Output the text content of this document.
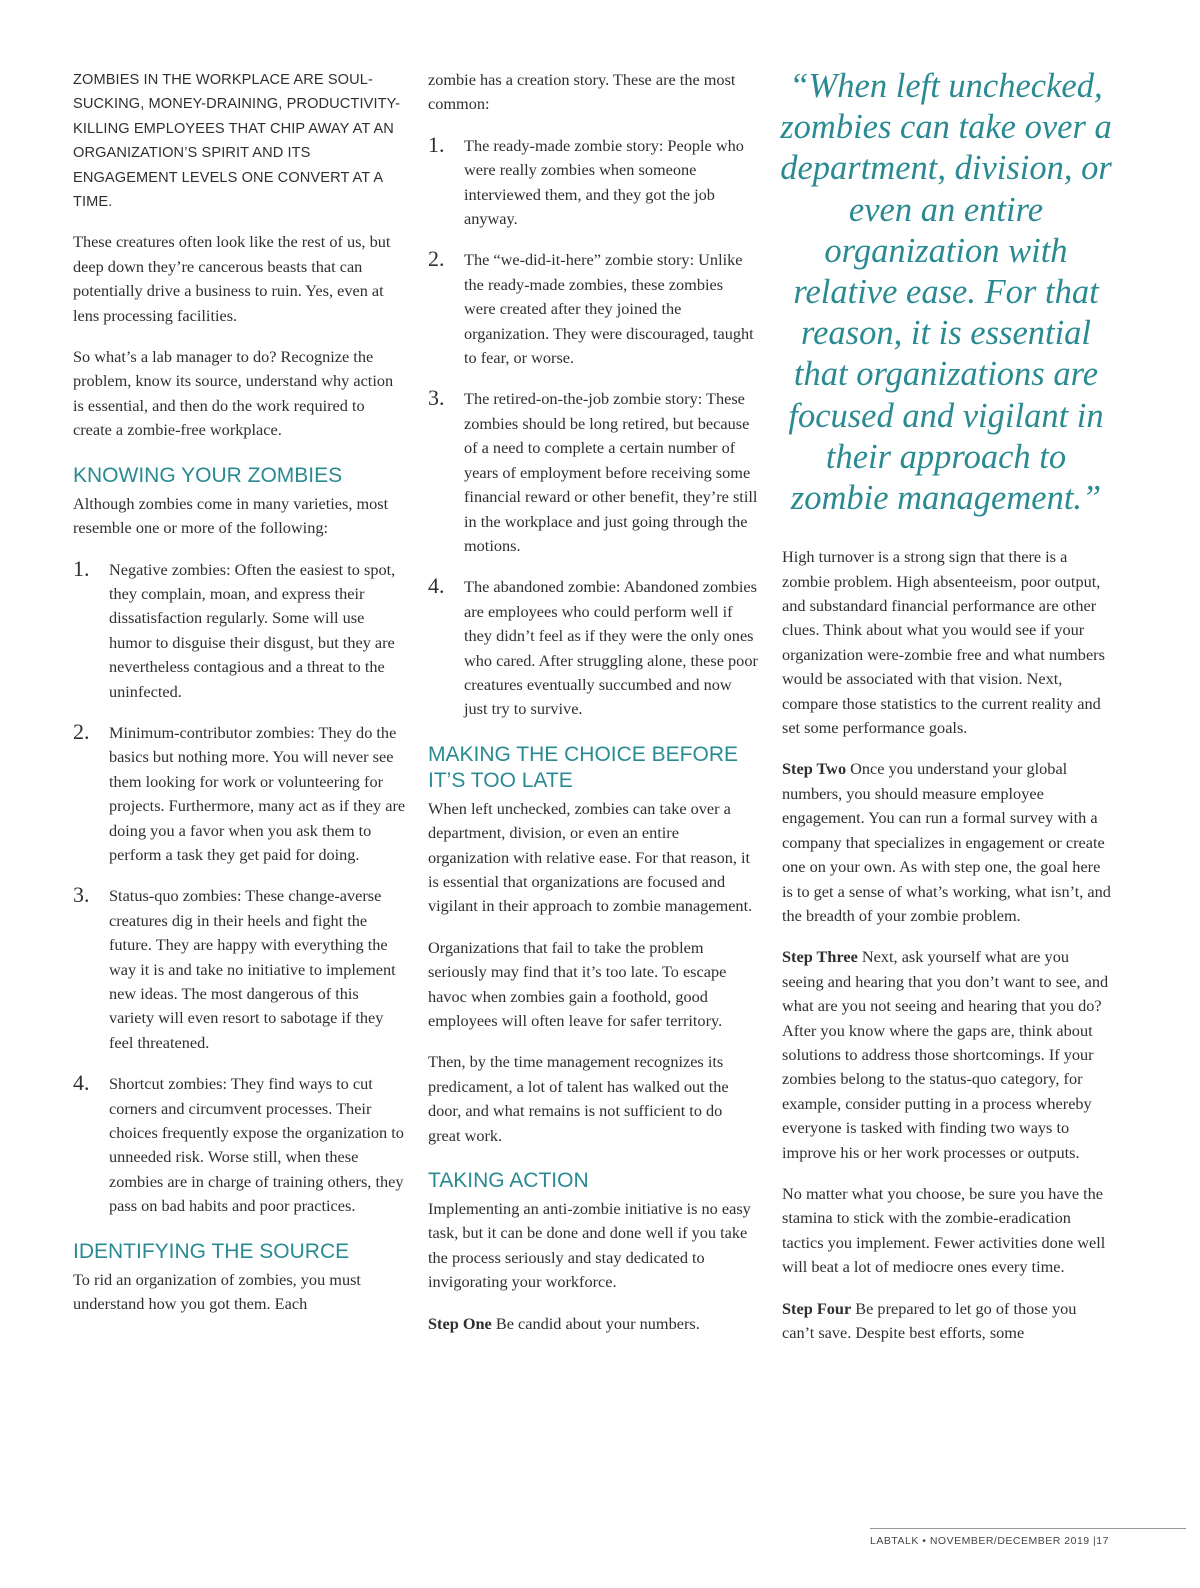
ZOMBIES IN THE WORKPLACE ARE SOUL-SUCKING, MONEY-DRAINING, PRODUCTIVITY-KILLING EMPLOYEES THAT CHIP AWAY AT AN ORGANIZATION’S SPIRIT AND ITS ENGAGEMENT LEVELS ONE CONVERT AT A TIME.

These creatures often look like the rest of us, but deep down they’re cancerous beasts that can potentially drive a business to ruin. Yes, even at lens processing facilities.

So what’s a lab manager to do? Recognize the problem, know its source, understand why action is essential, and then do the work required to create a zombie-free workplace.

KNOWING YOUR ZOMBIES

Although zombies come in many varieties, most resemble one or more of the following:

1. Negative zombies: Often the easiest to spot, they complain, moan, and express their dissatisfaction regularly. Some will use humor to disguise their disgust, but they are nevertheless contagious and a threat to the uninfected.
2. Minimum-contributor zombies: They do the basics but nothing more. You will never see them looking for work or volunteering for projects. Furthermore, many act as if they are doing you a favor when you ask them to perform a task they get paid for doing.
3. Status-quo zombies: These change-averse creatures dig in their heels and fight the future. They are happy with everything the way it is and take no initiative to implement new ideas. The most dangerous of this variety will even resort to sabotage if they feel threatened.
4. Shortcut zombies: They find ways to cut corners and circumvent processes. Their choices frequently expose the organization to unneeded risk. Worse still, when these zombies are in charge of training others, they pass on bad habits and poor practices.
IDENTIFYING THE SOURCE

To rid an organization of zombies, you must understand how you got them. Each

zombie has a creation story. These are the most common:

1. The ready-made zombie story: People who were really zombies when someone interviewed them, and they got the job anyway.
2. The “we-did-it-here” zombie story: Unlike the ready-made zombies, these zombies were created after they joined the organization. They were discouraged, taught to fear, or worse.
3. The retired-on-the-job zombie story: These zombies should be long retired, but because of a need to complete a certain number of years of employment before receiving some financial reward or other benefit, they’re still in the workplace and just going through the motions.
4. The abandoned zombie: Abandoned zombies are employees who could perform well if they didn’t feel as if they were the only ones who cared. After struggling alone, these poor creatures eventually succumbed and now just try to survive.
MAKING THE CHOICE BEFORE IT’S TOO LATE

When left unchecked, zombies can take over a department, division, or even an entire organization with relative ease. For that reason, it is essential that organizations are focused and vigilant in their approach to zombie management.

Organizations that fail to take the problem seriously may find that it’s too late. To escape havoc when zombies gain a foothold, good employees will often leave for safer territory.

Then, by the time management recognizes its predicament, a lot of talent has walked out the door, and what remains is not sufficient to do great work.

TAKING ACTION

Implementing an anti-zombie initiative is no easy task, but it can be done and done well if you take the process seriously and stay dedicated to invigorating your workforce.

Step One Be candid about your numbers.

“When left unchecked, zombies can take over a department, division, or even an entire organization with relative ease. For that reason, it is essential that organizations are focused and vigilant in their approach to zombie management.”

High turnover is a strong sign that there is a zombie problem. High absenteeism, poor output, and substandard financial performance are other clues. Think about what you would see if your organization were-zombie free and what numbers would be associated with that vision. Next, compare those statistics to the current reality and set some performance goals.

Step Two Once you understand your global numbers, you should measure employee engagement. You can run a formal survey with a company that specializes in engagement or create one on your own. As with step one, the goal here is to get a sense of what’s working, what isn’t, and the breadth of your zombie problem.

Step Three Next, ask yourself what are you seeing and hearing that you don’t want to see, and what are you not seeing and hearing that you do? After you know where the gaps are, think about solutions to address those shortcomings. If your zombies belong to the status-quo category, for example, consider putting in a process whereby everyone is tasked with finding two ways to improve his or her work processes or outputs.

No matter what you choose, be sure you have the stamina to stick with the zombie-eradication tactics you implement. Fewer activities done well will beat a lot of mediocre ones every time.

Step Four Be prepared to let go of those you can’t save. Despite best efforts, some

LABTALK • NOVEMBER/DECEMBER 2019 |17
